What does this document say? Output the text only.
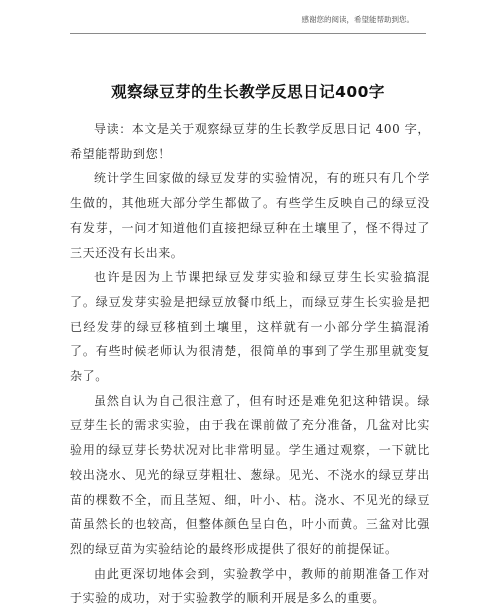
感谢您的阅读，希望能帮助到您。
观察绿豆芽的生长教学反思日记400字

导读：本文是关于观察绿豆芽的生长教学反思日记 400 字，希望能帮助到您！

统计学生回家做的绿豆发芽的实验情况，有的班只有几个学生做的，其他班大部分学生都做了。有些学生反映自己的绿豆没有发芽，一问才知道他们直接把绿豆种在土壤里了，怪不得过了三天还没有长出来。

也许是因为上节课把绿豆发芽实验和绿豆芽生长实验搞混了。绿豆发芽实验是把绿豆放餐巾纸上，而绿豆芽生长实验是把已经发芽的绿豆移植到土壤里，这样就有一小部分学生搞混淆了。有些时候老师认为很清楚，很简单的事到了学生那里就变复杂了。

虽然自认为自己很注意了，但有时还是难免犯这种错误。绿豆芽生长的需求实验，由于我在课前做了充分准备，几盆对比实验用的绿豆芽长势状况对比非常明显。学生通过观察，一下就比较出浇水、见光的绿豆芽粗壮、葱绿。见光、不浇水的绿豆芽出苗的棵数不全，而且茎短、细，叶小、枯。浇水、不见光的绿豆苗虽然长的也较高，但整体颜色呈白色，叶小而黄。三盆对比强烈的绿豆苗为实验结论的最终形成提供了很好的前提保证。

由此更深切地体会到，实验教学中，教师的前期准备工作对于实验的成功，对于实验教学的顺利开展是多么的重要。
